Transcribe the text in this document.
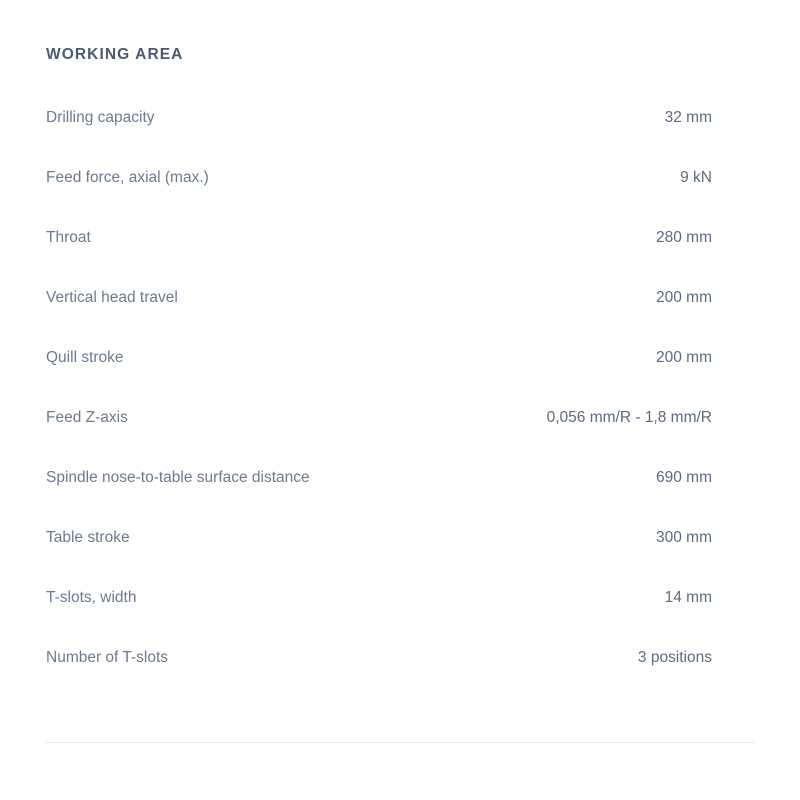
WORKING AREA
Drilling capacity	32 mm
Feed force, axial (max.)	9 kN
Throat	280 mm
Vertical head travel	200 mm
Quill stroke	200 mm
Feed Z-axis	0,056 mm/R - 1,8 mm/R
Spindle nose-to-table surface distance	690 mm
Table stroke	300 mm
T-slots, width	14 mm
Number of T-slots	3 positions
